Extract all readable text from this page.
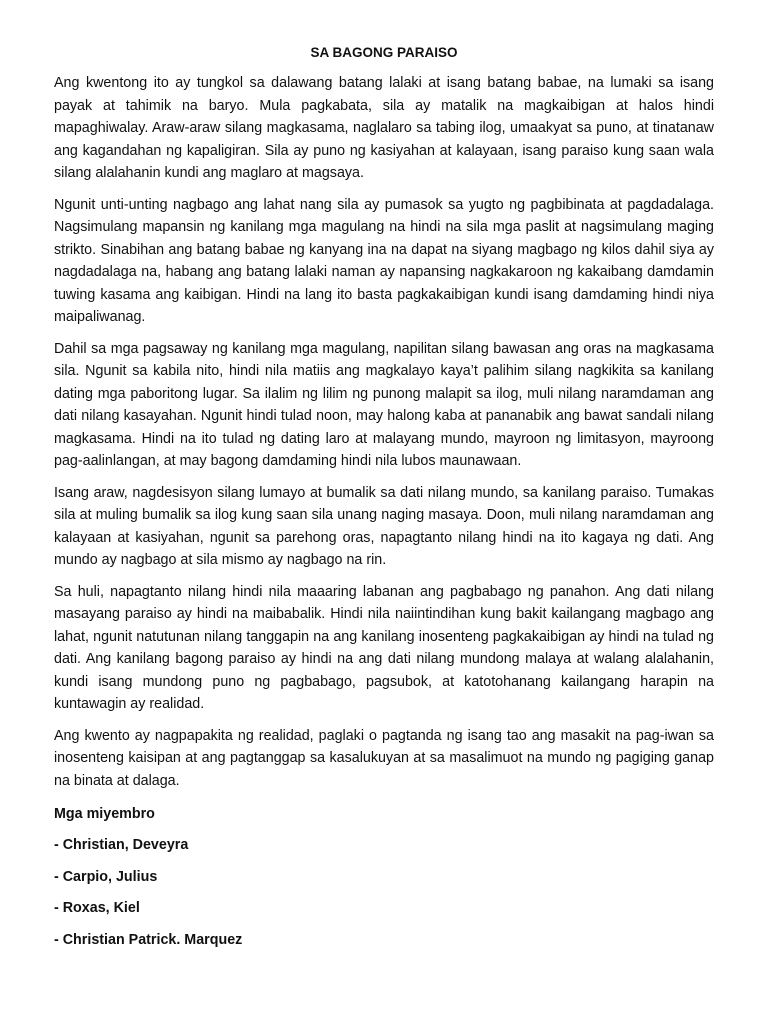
SA BAGONG PARAISO

Ang kwentong ito ay tungkol sa dalawang batang lalaki at isang batang babae, na lumaki sa isang payak at tahimik na baryo. Mula pagkabata, sila ay matalik na magkaibigan at halos hindi mapaghiwalay. Araw-araw silang magkasama, naglalaro sa tabing ilog, umaakyat sa puno, at tinatanaw ang kagandahan ng kapaligiran. Sila ay puno ng kasiyahan at kalayaan, isang paraiso kung saan wala silang alalahanin kundi ang maglaro at magsaya.

Ngunit unti-unting nagbago ang lahat nang sila ay pumasok sa yugto ng pagbibinata at pagdadalaga. Nagsimulang mapansin ng kanilang mga magulang na hindi na sila mga paslit at nagsimulang maging strikto. Sinabihan ang batang babae ng kanyang ina na dapat na siyang magbago ng kilos dahil siya ay nagdadalaga na, habang ang batang lalaki naman ay napansing nagkakaroon ng kakaibang damdamin tuwing kasama ang kaibigan. Hindi na lang ito basta pagkakaibigan kundi isang damdaming hindi niya maipaliwanag.

Dahil sa mga pagsaway ng kanilang mga magulang, napilitan silang bawasan ang oras na magkasama sila. Ngunit sa kabila nito, hindi nila matiis ang magkalayo kaya’t palihim silang nagkikita sa kanilang dating mga paboritong lugar. Sa ilalim ng lilim ng punong malapit sa ilog, muli nilang naramdaman ang dati nilang kasayahan. Ngunit hindi tulad noon, may halong kaba at pananabik ang bawat sandali nilang magkasama. Hindi na ito tulad ng dating laro at malayang mundo, mayroon ng limitasyon, mayroong pag-aalinlangan, at may bagong damdaming hindi nila lubos maunawaan.

Isang araw, nagdesisyon silang lumayo at bumalik sa dati nilang mundo, sa kanilang paraiso. Tumakas sila at muling bumalik sa ilog kung saan sila unang naging masaya. Doon, muli nilang naramdaman ang kalayaan at kasiyahan, ngunit sa parehong oras, napagtanto nilang hindi na ito kagaya ng dati. Ang mundo ay nagbago at sila mismo ay nagbago na rin.

Sa huli, napagtanto nilang hindi nila maaaring labanan ang pagbabago ng panahon. Ang dati nilang masayang paraiso ay hindi na maibabalik. Hindi nila naiintindihan kung bakit kailangang magbago ang lahat, ngunit natutunan nilang tanggapin na ang kanilang inosenteng pagkakaibigan ay hindi na tulad ng dati. Ang kanilang bagong paraiso ay hindi na ang dati nilang mundong malaya at walang alalahanin, kundi isang mundong puno ng pagbabago, pagsubok, at katotohanang kailangang harapin na kuntawagin ay realidad.

Ang kwento ay nagpapakita ng realidad, paglaki o pagtanda ng isang tao ang masakit na pag-iwan sa inosenteng kaisipan at ang pagtanggap sa kasalukuyan at sa masalimuot na mundo ng pagiging ganap na binata at dalaga.

Mga miyembro
- Christian, Deveyra
- Carpio, Julius
- Roxas, Kiel
- Christian Patrick. Marquez
